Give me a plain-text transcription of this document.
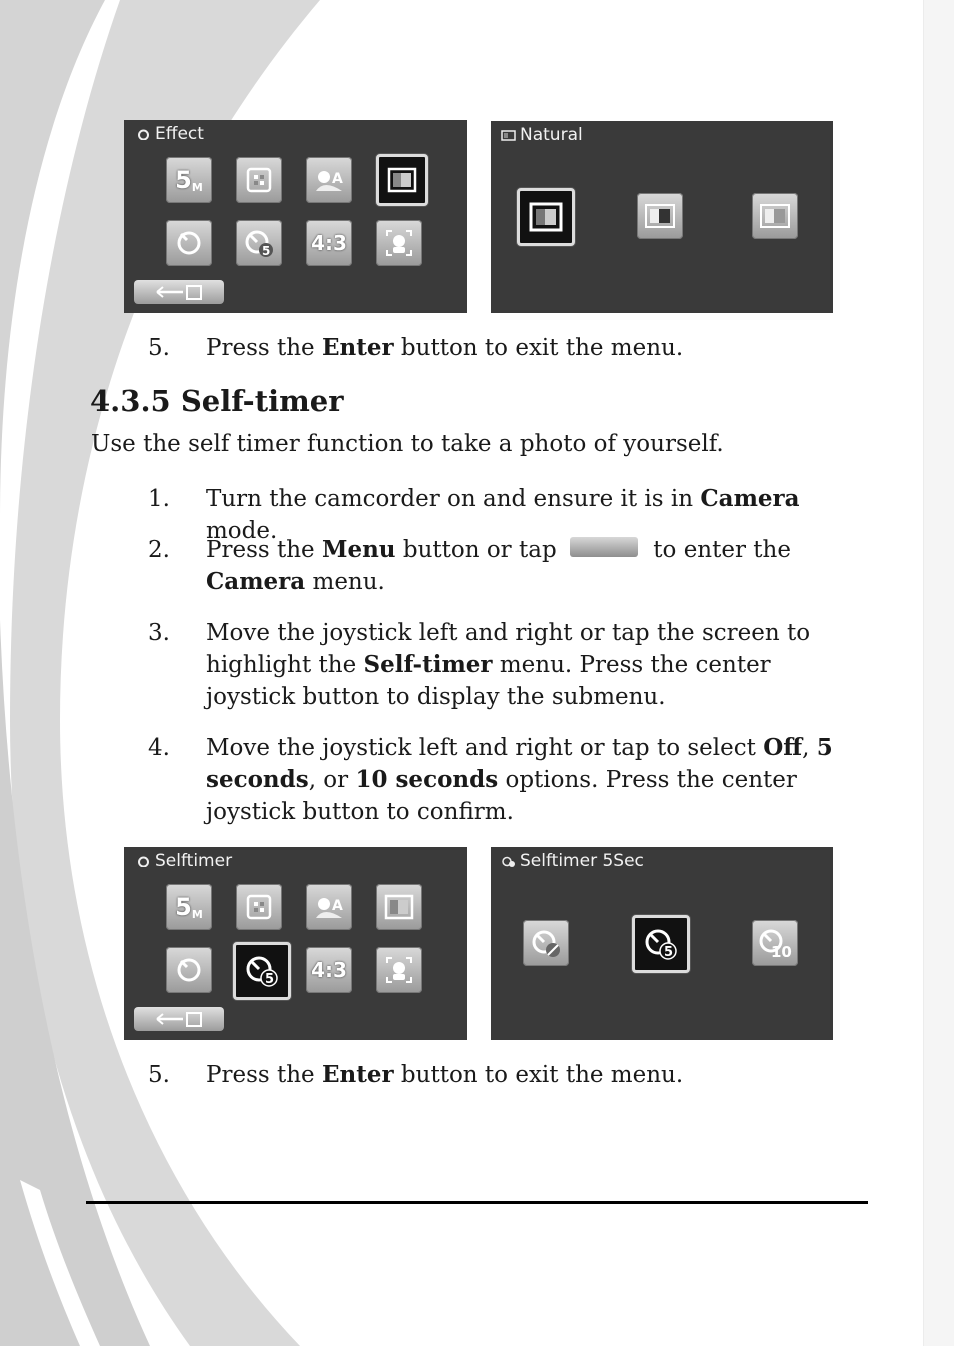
Effect
5 M	A
5 4:3
Natural
5.	Press the Enter button to exit the menu.
4.3.5 Self-timer
Use the self timer function to take a photo of yourself.
1.	Turn the camcorder on and ensure it is in Camera mode.
2.	Press the Menu button or tap	to enter the Camera menu.
3.	Move the joystick left and right or tap the screen to highlight the Self-timer menu. Press the center joystick button to display the submenu.
4.	Move the joystick left and right or tap to select Off, 5 seconds, or 10 seconds options. Press the center joystick button to confirm.
Selftimer
5 M	A
5 4:3
Selftimer 5Sec
5	10
5.	Press the Enter button to exit the menu.
